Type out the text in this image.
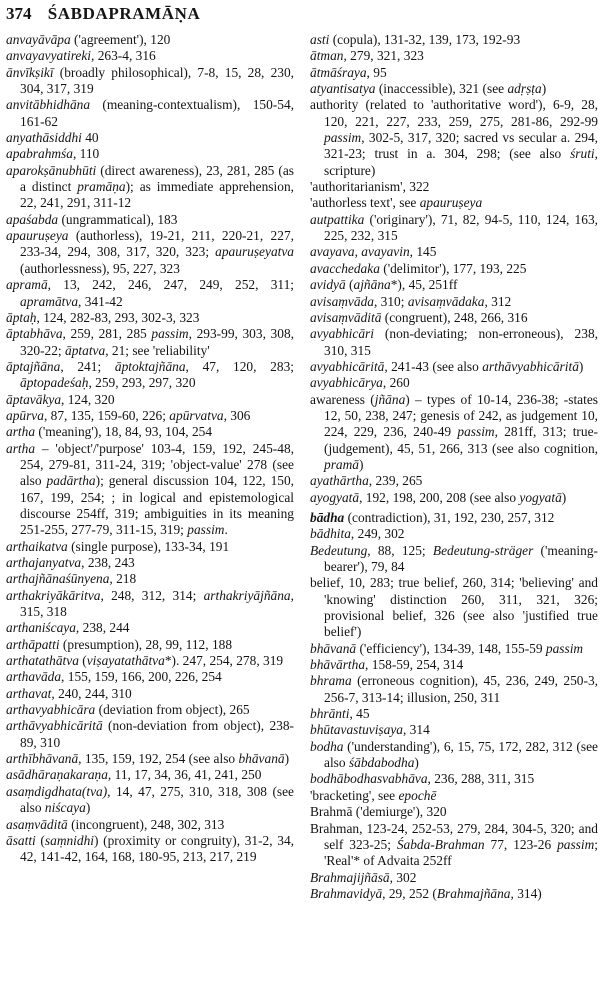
374 ŚABDAPRAMĀṆA
anvayāvāpa ('agreement'), 120
anvayavyatireki, 263-4, 316
ānvīkṣikī (broadly philosophical), 7-8, 15, 28, 230, 304, 317, 319
anvitābhidhāna (meaning-contextualism), 150-54, 161-62
anyathāsiddhi 40
apabrahmśa, 110
aparokṣānubhūti (direct awareness), 23, 281, 285 (as a distinct pramāṇa); as immediate apprehension, 22, 241, 291, 311-12
apaśabda (ungrammatical), 183
apauruṣeya (authorless), 19-21, 211, 220-21, 227, 233-34, 294, 308, 317, 320, 323; apauruṣeyatva (authorlessness), 95, 227, 323
apramā, 13, 242, 246, 247, 249, 252, 311; apramātva, 341-42
āptaḥ, 124, 282-83, 293, 302-3, 323
āptabhāva, 259, 281, 285 passim, 293-99, 303, 308, 320-22; āptatva, 21; see 'reliability'
āptajñāna, 241; āptoktajñāna, 47, 120, 283; āptopadeśaḥ, 259, 293, 297, 320
āptavākya, 124, 320
apūrva, 87, 135, 159-60, 226; apūrvatva, 306
artha ('meaning'), 18, 84, 93, 104, 254
artha – 'object'/'purpose' 103-4, 159, 192, 245-48, 254, 279-81, 311-24, 319; 'object-value' 278 (see also padārtha); general discussion 104, 122, 150, 167, 199, 254; ; in logical and epistemological discourse 254ff, 319; ambiguities in its meaning 251-255, 277-79, 311-15, 319; passim.
arthaikatva (single purpose), 133-34, 191
arthajanyatva, 238, 243
arthajñānaśūnyena, 218
arthakriyākāritva, 248, 312, 314; arthakriyājñāna, 315, 318
arthaniścaya, 238, 244
arthāpatti (presumption), 28, 99, 112, 188
arthatathātva (viṣayatathātva*). 247, 254, 278, 319
arthavāda, 155, 159, 166, 200, 226, 254
arthavat, 240, 244, 310
arthavyabhicāra (deviation from object), 265
arthāvyabhicāritā (non-deviation from object), 238-89, 310
arthībhāvanā, 135, 159, 192, 254 (see also bhāvanā)
asādhāraṇakaraṇa, 11, 17, 34, 36, 41, 241, 250
asaṃdigdhata(tva), 14, 47, 275, 310, 318, 308 (see also niścaya)
asaṃvāditā (incongruent), 248, 302, 313
āsatti (saṃnidhi) (proximity or congruity), 31-2, 34, 42, 141-42, 164, 168, 180-95, 213, 217, 219
asti (copula), 131-32, 139, 173, 192-93
ātman, 279, 321, 323
ātmāśraya, 95
atyantisatya (inaccessible), 321 (see adṛṣṭa)
authority (related to 'authoritative word'), 6-9, 28, 120, 221, 227, 233, 259, 275, 281-86, 292-99 passim, 302-5, 317, 320; sacred vs secular a. 294, 321-23; trust in a. 304, 298; (see also śruti, scripture)
'authoritarianism', 322
'authorless text', see apauruṣeya
autpattika ('originary'), 71, 82, 94-5, 110, 124, 163, 225, 232, 315
avayava, avayavin, 145
avacchedaka ('delimitor'), 177, 193, 225
avidyā (ajñāna*), 45, 251ff
avisaṃvāda, 310; avisaṃvādaka, 312
avisaṃvāditā (congruent), 248, 266, 316
avyabhicāri (non-deviating; non-erroneous), 238, 310, 315
avyabhicāritā, 241-43 (see also arthāvyabhicāritā)
avyabhicārya, 260
awareness (jñāna) – types of 10-14, 236-38; -states 12, 50, 238, 247; genesis of 242, as judgement 10, 224, 229, 236, 240-49 passim, 281ff, 313; true- (judgement), 45, 51, 266, 313 (see also cognition, pramā)
ayathārtha, 239, 265
ayogyatā, 192, 198, 200, 208 (see also yogyatā)
bādha (contradiction), 31, 192, 230, 257, 312
bādhita, 249, 302
Bedeutung, 88, 125; Bedeutung-sträger ('meaning-bearer'), 79, 84
belief, 10, 283; true belief, 260, 314; 'believing' and 'knowing' distinction 260, 311, 321, 326; provisional belief, 326 (see also 'justified true belief')
bhāvanā ('efficiency'), 134-39, 148, 155-59 passim
bhāvārtha, 158-59, 254, 314
bhrama (erroneous cognition), 45, 236, 249, 250-3, 256-7, 313-14; illusion, 250, 311
bhrānti, 45
bhūtavastuviṣaya, 314
bodha ('understanding'), 6, 15, 75, 172, 282, 312 (see also śābdabodha)
bodhābodhasvabhāva, 236, 288, 311, 315
'bracketing', see epochē
Brahmā ('demiurge'), 320
Brahman, 123-24, 252-53, 279, 284, 304-5, 320; and self 323-25; Śabda-Brahman 77, 123-26 passim; 'Real'* of Advaita 252ff
Brahmajijñāsā, 302
Brahmavidyā, 29, 252 (Brahmajñāna, 314)
